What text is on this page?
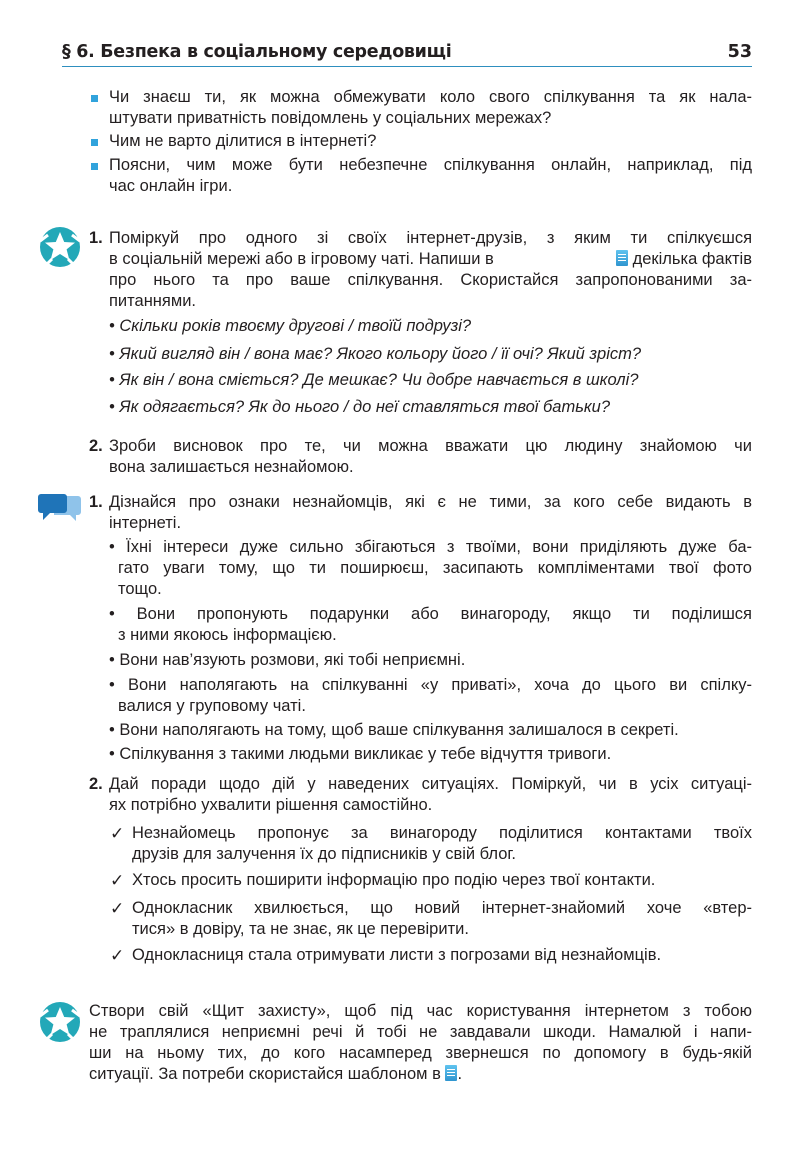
§ 6. Безпека в соціальному середовищі	53
Чи знаєш ти, як можна обмежувати коло свого спілкування та як нала-
штувати приватність повідомлень у соціальних мережах?
Чим не варто ділитися в інтернеті?
Поясни, чим може бути небезпечне спілкування онлайн, наприклад, під
час онлайн ігри.
1. Поміркуй про одного зі своїх інтернет-друзів, з яким ти спілкуєшся
в соціальній мережі або в ігровому чаті. Напиши в	декілька фактів
про нього та про ваше спілкування. Скористайся запропонованими за-
питаннями.
• Скільки років твоєму другові / твоїй подрузі?
• Який вигляд він / вона має? Якого кольору його / її очі? Який зріст?
• Як він / вона сміється? Де мешкає? Чи добре навчається в школі?
• Як одягається? Як до нього / до неї ставляться твої батьки?
2. Зроби висновок про те, чи можна вважати цю людину знайомою чи
вона залишається незнайомою.
1. Дізнайся про ознаки незнайомців, які є не тими, за кого себе видають в
інтернеті.
• Їхні інтереси дуже сильно збігаються з твоїми, вони приділяють дуже ба-
гато уваги тому, що ти поширюєш, засипають компліментами твої фото
тощо.
• Вони пропонують подарунки або винагороду, якщо ти поділишся
з ними якоюсь інформацією.
• Вони нав’язують розмови, які тобі неприємні.
• Вони наполягають на спілкуванні «у приваті», хоча до цього ви спілку-
валися у груповому чаті.
• Вони наполягають на тому, щоб ваше спілкування залишалося в секреті.
• Спілкування з такими людьми викликає у тебе відчуття тривоги.
2. Дай поради щодо дій у наведених ситуаціях. Поміркуй, чи в усіх ситуаці-
ях потрібно ухвалити рішення самостійно.
✓ Незнайомець пропонує за винагороду поділитися контактами твоїх
друзів для залучення їх до підписників у свій блог.
✓ Хтось просить поширити інформацію про подію через твої контакти.
✓ Однокласник хвилюється, що новий інтернет-знайомий хоче «втер-
тися» в довіру, та не знає, як це перевірити.
✓ Однокласниця стала отримувати листи з погрозами від незнайомців.
Створи свій «Щит захисту», щоб під час користування інтернетом з тобою
не траплялися неприємні речі й тобі не завдавали шкоди. Намалюй і напи-
ши на ньому тих, до кого насамперед звернешся по допомогу в будь-якій
ситуації. За потреби скористайся шаблоном в .
